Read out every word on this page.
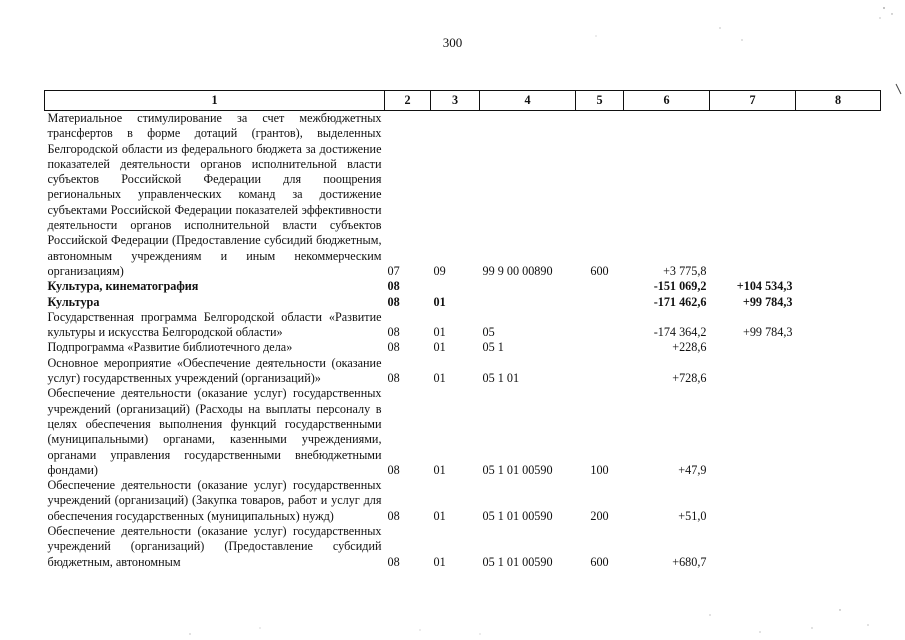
300
1	2	3	4	5	6	7	8
Материальное стимулирование за счет межбюджетных трансфертов в форме дотаций (грантов), выделенных Белгородской области из федерального бюджета за достижение показателей деятельности органов исполнительной власти субъектов Российской Федерации для поощрения региональных управленческих команд за достижение субъектами Российской Федерации показателей эффективности деятельности органов исполнительной власти субъектов Российской Федерации (Предоставление субсидий бюджетным, автономным учреждениям и иным некоммерческим организациям)	07	09	99 9 00 00890	600	+3 775,8		
Культура, кинематография	08				-151 069,2	+104 534,3	
Культура	08	01			-171 462,6	+99 784,3	
Государственная программа Белгородской области «Развитие культуры и искусства Белгородской области»	08	01	05		-174 364,2	+99 784,3	
Подпрограмма «Развитие библиотечного дела»	08	01	05 1		+228,6		
Основное мероприятие «Обеспечение деятельности (оказание услуг) государственных учреждений (организаций)»	08	01	05 1 01		+728,6		
Обеспечение деятельности (оказание услуг) государственных учреждений (организаций) (Расходы на выплаты персоналу в целях обеспечения выполнения функций государственными (муниципальными) органами, казенными учреждениями, органами управления государственными внебюджетными фондами)	08	01	05 1 01 00590	100	+47,9		
Обеспечение деятельности (оказание услуг) государственных учреждений (организаций) (Закупка товаров, работ и услуг для обеспечения государственных (муниципальных) нужд)	08	01	05 1 01 00590	200	+51,0		
Обеспечение деятельности (оказание услуг) государственных учреждений (организаций) (Предоставление субсидий бюджетным, автономным	08	01	05 1 01 00590	600	+680,7		
